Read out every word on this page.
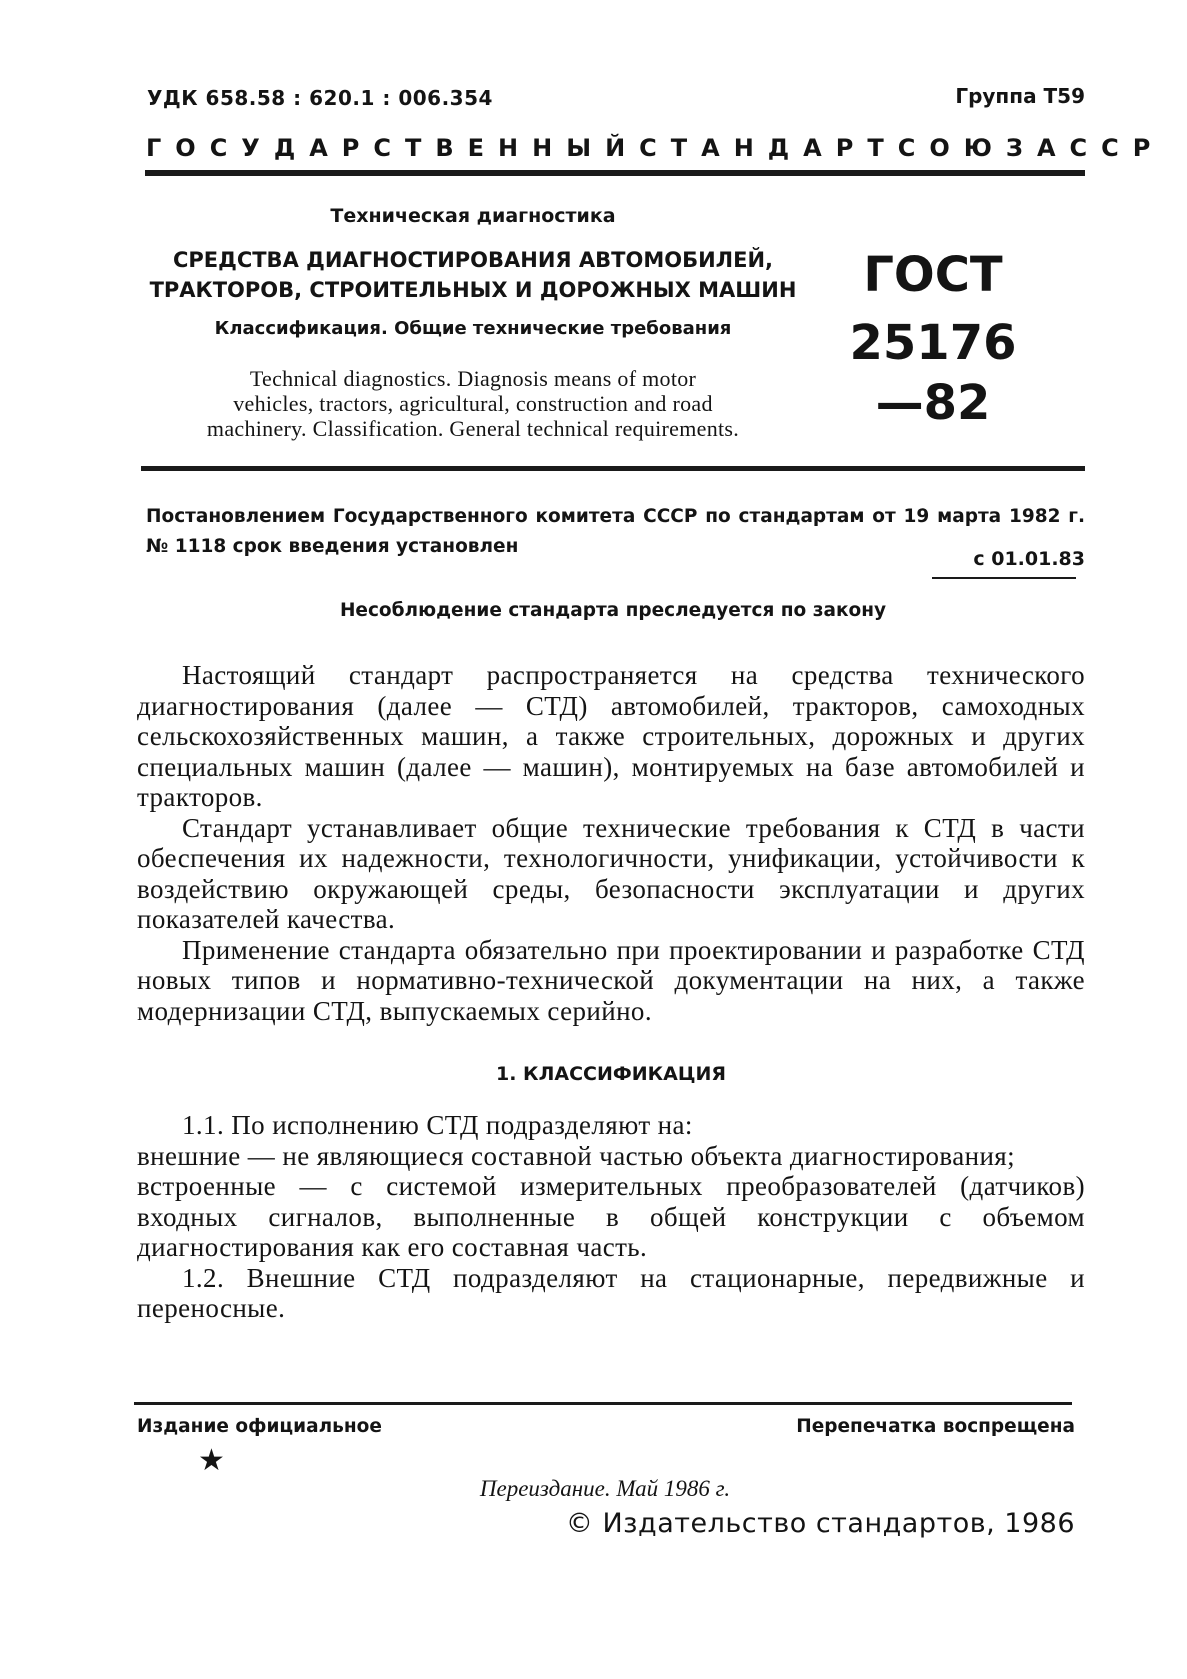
УДК 658.58 : 620.1 : 006.354	Группа Т59
ГОСУДАРСТВЕННЫЙ СТАНДАРТ СОЮЗА ССР
Техническая диагностика
СРЕДСТВА ДИАГНОСТИРОВАНИЯ АВТОМОБИЛЕЙ,
ТРАКТОРОВ, СТРОИТЕЛЬНЫХ И ДОРОЖНЫХ МАШИН
Классификация. Общие технические требования
Technical diagnostics. Diagnosis means of motor
vehicles, tractors, agricultural, construction and road
machinery. Classification. General technical requirements.
ГОСТ
25176—82
Постановлением Государственного комитета СССР по стандартам от 19 марта 1982 г. № 1118 срок введения установлен
с 01.01.83
Несоблюдение стандарта преследуется по закону

Настоящий стандарт распространяется на средства технического диагностирования (далее — СТД) автомобилей, тракторов, самоходных сельскохозяйственных машин, а также строительных, дорожных и других специальных машин (далее — машин), монтируемых на базе автомобилей и тракторов.

Стандарт устанавливает общие технические требования к СТД в части обеспечения их надежности, технологичности, унификации, устойчивости к воздействию окружающей среды, безопасности эксплуатации и других показателей качества.

Применение стандарта обязательно при проектировании и разработке СТД новых типов и нормативно-технической документации на них, а также модернизации СТД, выпускаемых серийно.

1. КЛАССИФИКАЦИЯ

1.1. По исполнению СТД подразделяют на:

внешние — не являющиеся составной частью объекта диагностирования;

встроенные — с системой измерительных преобразователей (датчиков) входных сигналов, выполненные в общей конструкции с объемом диагностирования как его составная часть.

1.2. Внешние СТД подразделяют на стационарные, передвижные и переносные.

Издание официальное	Перепечатка воспрещена
★
Переиздание. Май 1986 г.
© Издательство стандартов, 1986
